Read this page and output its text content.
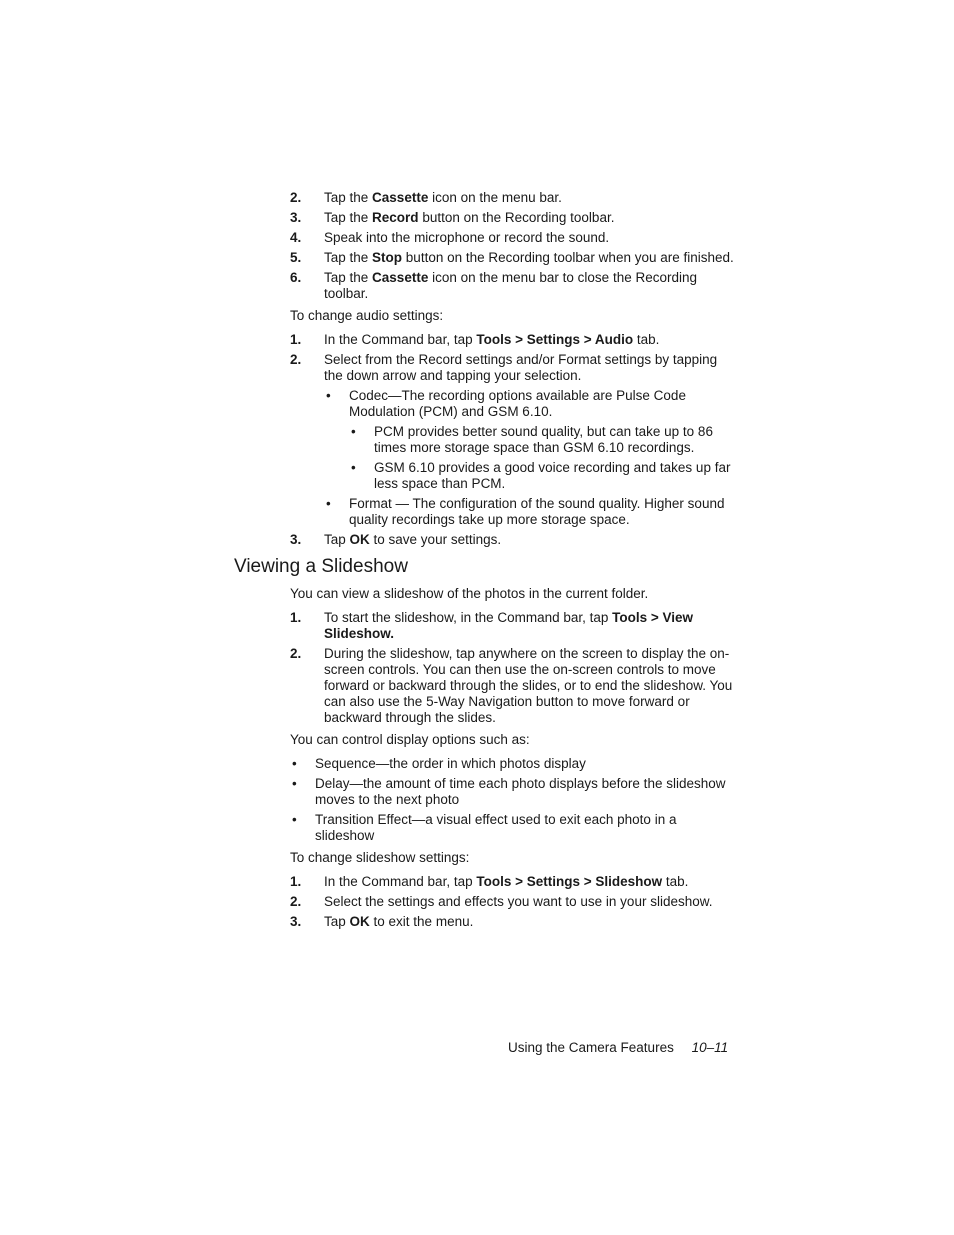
2. Tap the Cassette icon on the menu bar.
3. Tap the Record button on the Recording toolbar.
4. Speak into the microphone or record the sound.
5. Tap the Stop button on the Recording toolbar when you are finished.
6. Tap the Cassette icon on the menu bar to close the Recording toolbar.
To change audio settings:
1. In the Command bar, tap Tools > Settings > Audio tab.
2. Select from the Record settings and/or Format settings by tapping the down arrow and tapping your selection.
• Codec—The recording options available are Pulse Code Modulation (PCM) and GSM 6.10.
• PCM provides better sound quality, but can take up to 86 times more storage space than GSM 6.10 recordings.
• GSM 6.10 provides a good voice recording and takes up far less space than PCM.
• Format — The configuration of the sound quality. Higher sound quality recordings take up more storage space.
3. Tap OK to save your settings.
Viewing a Slideshow
You can view a slideshow of the photos in the current folder.
1. To start the slideshow, in the Command bar, tap Tools > View Slideshow.
2. During the slideshow, tap anywhere on the screen to display the on-screen controls. You can then use the on-screen controls to move forward or backward through the slides, or to end the slideshow. You can also use the 5-Way Navigation button to move forward or backward through the slides.
You can control display options such as:
• Sequence—the order in which photos display
• Delay—the amount of time each photo displays before the slideshow moves to the next photo
• Transition Effect—a visual effect used to exit each photo in a slideshow
To change slideshow settings:
1. In the Command bar, tap Tools > Settings > Slideshow tab.
2. Select the settings and effects you want to use in your slideshow.
3. Tap OK to exit the menu.
Using the Camera Features 10–11
